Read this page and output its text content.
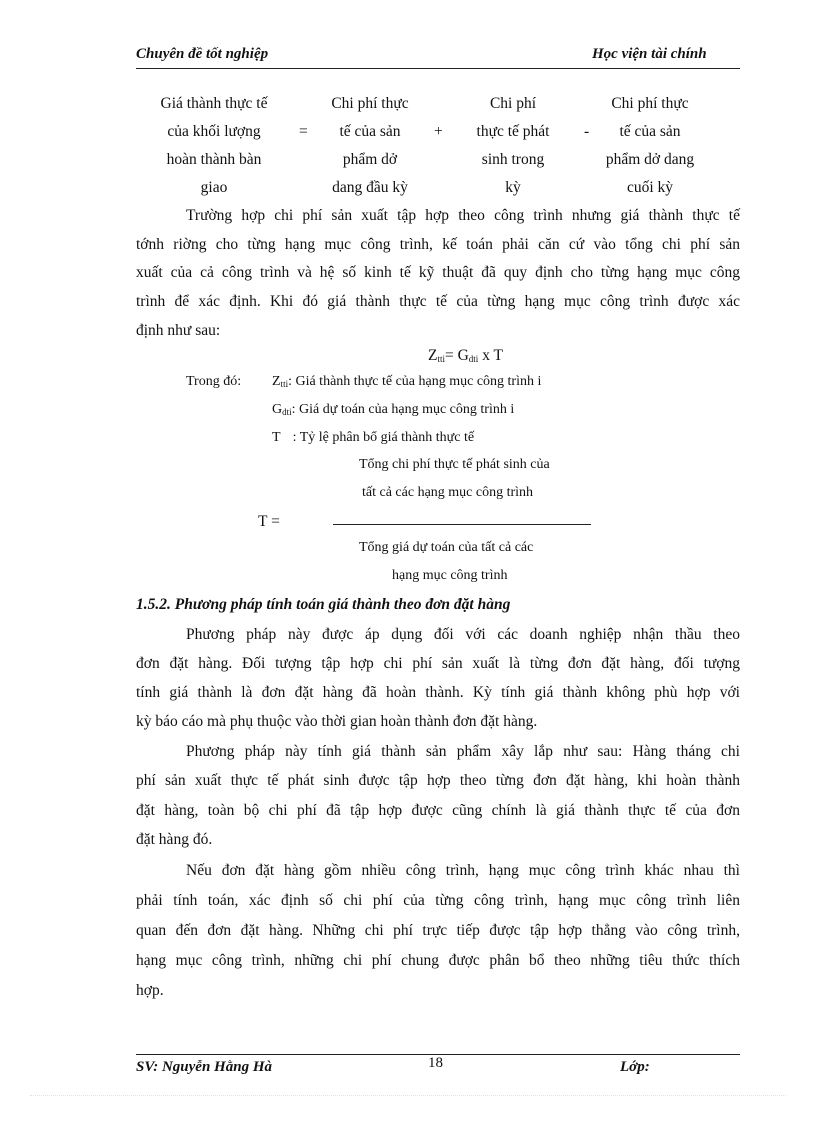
Chuyên đề tốt nghiệp	Học viện tài chính
Giá thành thực tế
của khối lượng
hoàn thành bàn
giao
=
Chi phí thực
tế của sản
phẩm dở
dang đầu kỳ
+
Chi phí
thực tế phát
sinh trong
kỳ
-
Chi phí thực
tế của sản
phẩm dở dang
cuối kỳ
Trường hợp chi phí sản xuất tập hợp theo công trình nhưng giá thành thực tế
tớnh riờng cho từng hạng mục công trình, kế toán phải căn cứ vào tổng chi phí sản
xuất của cả công trình và hệ số kinh tế kỹ thuật đã quy định cho từng hạng mục công
trình để xác định. Khi đó giá thành thực tế của từng hạng mục công trình được xác
định như sau:
$Z_{tti}= G_{dti}$ x T
Trong đó: $Z_{tti}$: Giá thành thực tế của hạng mục công trình i
$G_{dti}$: Giá dự toán của hạng mục công trình i
T : Tỷ lệ phân bổ giá thành thực tế
Tổng chi phí thực tế phát sinh của
tất cả các hạng mục công trình
T =
Tổng giá dự toán của tất cả các
hạng mục công trình
1.5.2. Phương pháp tính toán giá thành theo đơn đặt hàng
Phương pháp này được áp dụng đối với các doanh nghiệp nhận thầu theo
đơn đặt hàng. Đối tượng tập hợp chi phí sản xuất là từng đơn đặt hàng, đối tượng
tính giá thành là đơn đặt hàng đã hoàn thành. Kỳ tính giá thành không phù hợp với
kỳ báo cáo mà phụ thuộc vào thời gian hoàn thành đơn đặt hàng.
Phương pháp này tính giá thành sản phẩm xây lắp như sau: Hàng tháng chi
phí sản xuất thực tế phát sinh được tập hợp theo từng đơn đặt hàng, khi hoàn thành
đặt hàng, toàn bộ chi phí đã tập hợp được cũng chính là giá thành thực tế của đơn
đặt hàng đó.
Nếu đơn đặt hàng gồm nhiều công trình, hạng mục công trình khác nhau thì
phải tính toán, xác định số chi phí của từng công trình, hạng mục công trình liên
quan đến đơn đặt hàng. Những chi phí trực tiếp được tập hợp thẳng vào công trình,
hạng mục công trình, những chi phí chung được phân bổ theo những tiêu thức thích
hợp.
SV: Nguyễn Hằng Hà	18	Lớp:
